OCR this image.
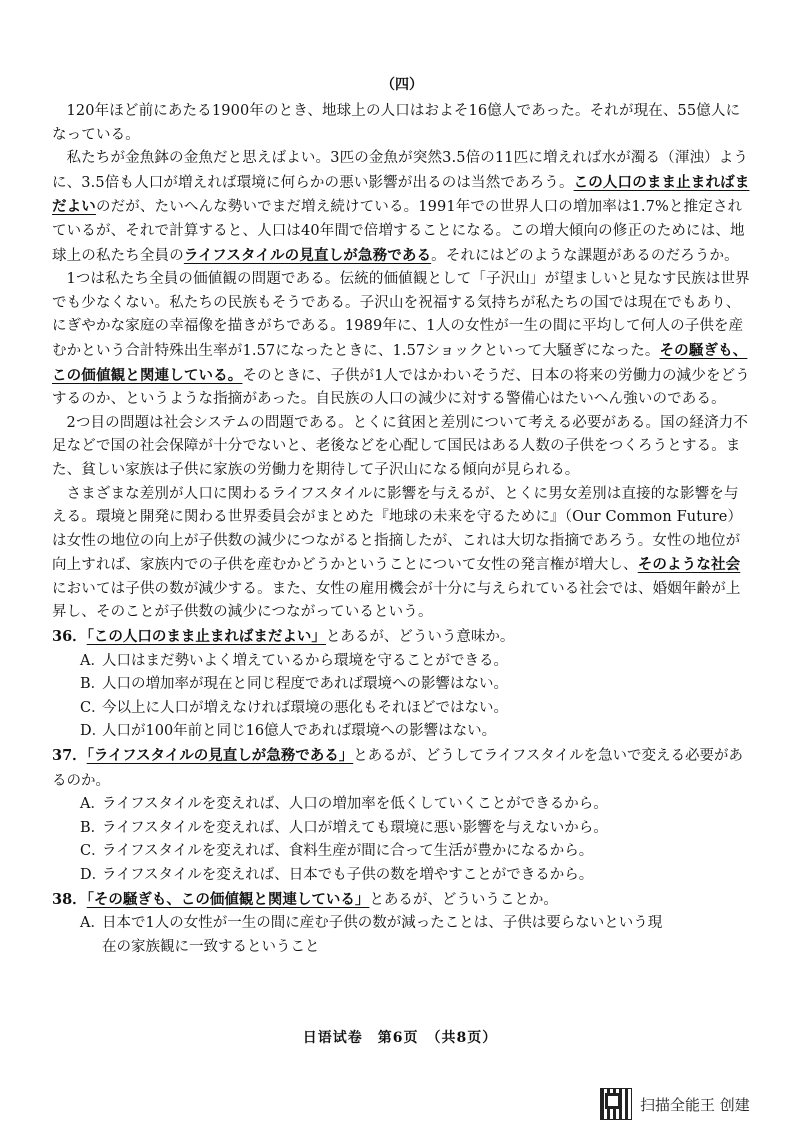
（四）

120年ほど前にあたる1900年のとき、地球上の人口はおよそ16億人であった。それが現在、55億人になっている。

私たちが金魚鉢の金魚だと思えばよい。3匹の金魚が突然3.5倍の11匹に増えれば水が濁る（渾浊）ように、3.5倍も人口が増えれば環境に何らかの悪い影響が出るのは当然であろう。この人口のまま止まればまだよいのだが、たいへんな勢いでまだ増え続けている。1991年での世界人口の増加率は1.7%と推定されているが、それで計算すると、人口は40年間で倍増することになる。この増大傾向の修正のためには、地球上の私たち全員のライフスタイルの見直しが急務である。それにはどのような課題があるのだろうか。

1つは私たち全員の価値観の問題である。伝統的価値観として「子沢山」が望ましいと見なす民族は世界でも少なくない。私たちの民族もそうである。子沢山を祝福する気持ちが私たちの国では現在でもあり、にぎやかな家庭の幸福像を描きがちである。1989年に、1人の女性が一生の間に平均して何人の子供を産むかという合計特殊出生率が1.57になったときに、1.57ショックといって大騒ぎになった。その騒ぎも、この価値観と関連している。そのときに、子供が1人ではかわいそうだ、日本の将来の労働力の減少をどうするのか、というような指摘があった。自民族の人口の減少に対する警備心はたいへん強いのである。

2つ目の問題は社会システムの問題である。とくに貧困と差別について考える必要がある。国の経済力不足などで国の社会保障が十分でないと、老後などを心配して国民はある人数の子供をつくろうとする。また、貧しい家族は子供に家族の労働力を期待して子沢山になる傾向が見られる。

さまざまな差別が人口に関わるライフスタイルに影響を与えるが、とくに男女差別は直接的な影響を与える。環境と開発に関わる世界委員会がまとめた『地球の未来を守るために』（Our Common Future）は女性の地位の向上が子供数の減少につながると指摘したが、これは大切な指摘であろう。女性の地位が向上すれば、家族内での子供を産むかどうかということについて女性の発言権が増大し、そのような社会においては子供の数が減少する。また、女性の雇用機会が十分に与えられている社会では、婚姻年齢が上昇し、そのことが子供数の減少につながっているという。

36．「この人口のまま止まればまだよい」とあるが、どういう意味か。
A．人口はまだ勢いよく増えているから環境を守ることができる。
B．人口の増加率が現在と同じ程度であれば環境への影響はない。
C．今以上に人口が増えなければ環境の悪化もそれほどではない。
D．人口が100年前と同じ16億人であれば環境への影響はない。
37．「ライフスタイルの見直しが急務である」とあるが、どうしてライフスタイルを急いで変える必要があるのか。
A．ライフスタイルを変えれば、人口の増加率を低くしていくことができるから。
B．ライフスタイルを変えれば、人口が増えても環境に悪い影響を与えないから。
C．ライフスタイルを変えれば、食料生産が間に合って生活が豊かになるから。
D．ライフスタイルを変えれば、日本でも子供の数を増やすことができるから。
38．「その騒ぎも、この価値観と関連している」とあるが、どういうことか。
A．日本で1人の女性が一生の間に産む子供の数が減ったことは、子供は要らないという現
在の家族観に一致するということ
日语试卷　第6页　（共8页）
扫描全能王 创建
